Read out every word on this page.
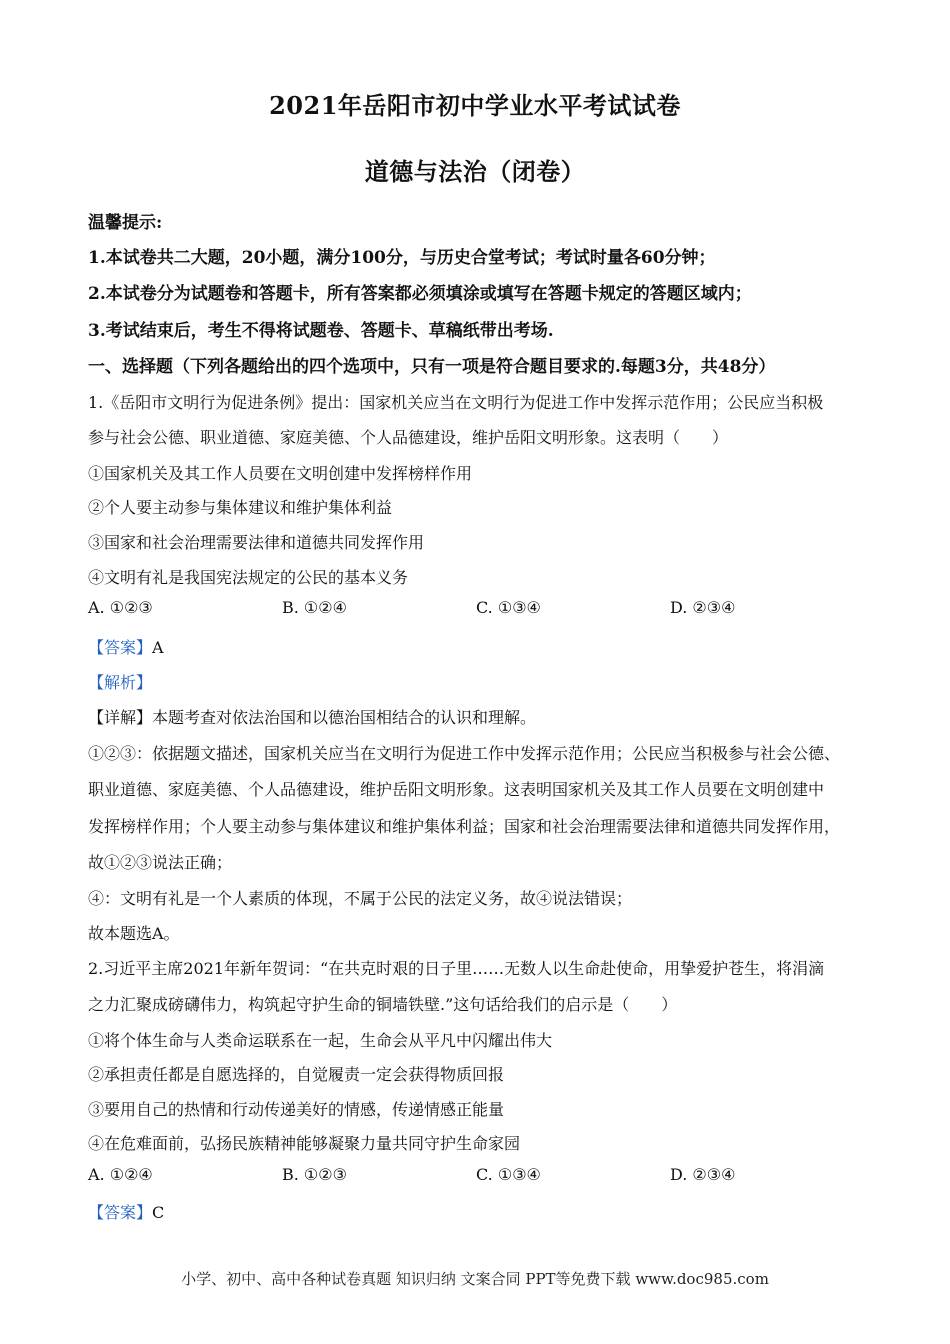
2021年岳阳市初中学业水平考试试卷
道德与法治（闭卷）
温馨提示:
1.本试卷共二大题，20小题，满分100分，与历史合堂考试；考试时量各60分钟；
2.本试卷分为试题卷和答题卡，所有答案都必须填涂或填写在答题卡规定的答题区域内；
3.考试结束后，考生不得将试题卷、答题卡、草稿纸带出考场.
一、选择题（下列各题给出的四个选项中，只有一项是符合题目要求的.每题3分，共48分）
1.《岳阳市文明行为促进条例》提出：国家机关应当在文明行为促进工作中发挥示范作用；公民应当积极
参与社会公德、职业道德、家庭美德、个人品德建设，维护岳阳文明形象。这表明（　　）
①国家机关及其工作人员要在文明创建中发挥榜样作用
②个人要主动参与集体建议和维护集体利益
③国家和社会治理需要法律和道德共同发挥作用
④文明有礼是我国宪法规定的公民的基本义务
A. ①②③	B. ①②④	C. ①③④	D. ②③④
【答案】A
【解析】
【详解】本题考查对依法治国和以德治国相结合的认识和理解。
①②③：依据题文描述，国家机关应当在文明行为促进工作中发挥示范作用；公民应当积极参与社会公德、
职业道德、家庭美德、个人品德建设，维护岳阳文明形象。这表明国家机关及其工作人员要在文明创建中
发挥榜样作用；个人要主动参与集体建议和维护集体利益；国家和社会治理需要法律和道德共同发挥作用，
故①②③说法正确；
④：文明有礼是一个人素质的体现，不属于公民的法定义务，故④说法错误；
故本题选A。
2.习近平主席2021年新年贺词：“在共克时艰的日子里……无数人以生命赴使命，用挚爱护苍生，将涓滴
之力汇聚成磅礴伟力，构筑起守护生命的铜墙铁壁.”这句话给我们的启示是（　　）
①将个体生命与人类命运联系在一起，生命会从平凡中闪耀出伟大
②承担责任都是自愿选择的，自觉履责一定会获得物质回报
③要用自己的热情和行动传递美好的情感，传递情感正能量
④在危难面前，弘扬民族精神能够凝聚力量共同守护生命家园
A. ①②④	B. ①②③	C. ①③④	D. ②③④
【答案】C
小学、初中、高中各种试卷真题 知识归纳 文案合同 PPT等免费下载 www.doc985.com
